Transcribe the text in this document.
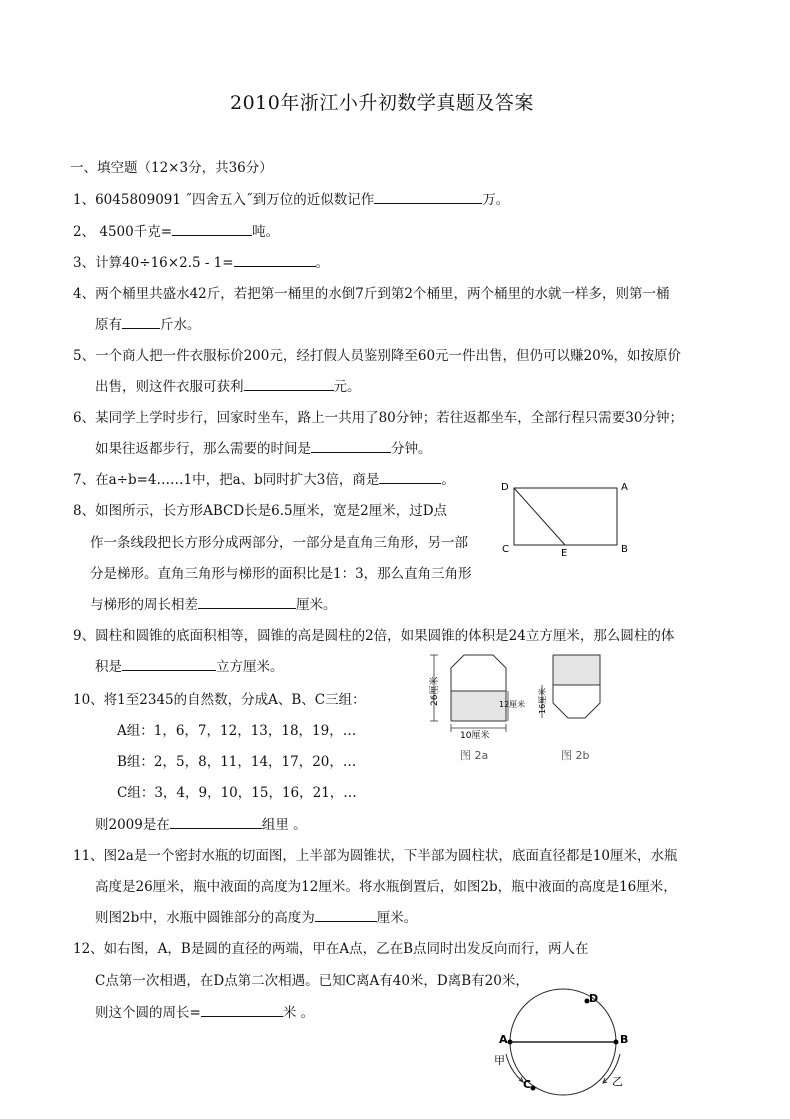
2010年浙江小升初数学真题及答案
一、填空题（12×3分，共36分）
1、6045809091 ˝四舍五入˝到万位的近似数记作	万。
2、 4500千克=	吨。
3、计算40÷16×2.5 - 1=	。
4、两个桶里共盛水42斤，若把第一桶里的水倒7斤到第2个桶里，两个桶里的水就一样多，则第一桶
原有	斤水。
5、一个商人把一件衣服标价200元，经打假人员鉴别降至60元一件出售，但仍可以赚20%，如按原价
出售，则这件衣服可获利	元。
6、某同学上学时步行，回家时坐车，路上一共用了80分钟；若往返都坐车，全部行程只需要30分钟；
如果往返都步行，那么需要的时间是	分钟。
7、在a÷b=4……1中，把a、b同时扩大3倍，商是	。
8、如图所示，长方形ABCD长是6.5厘米，宽是2厘米，过D点
作一条线段把长方形分成两部分，一部分是直角三角形，另一部
分是梯形。直角三角形与梯形的面积比是1：3，那么直角三角形
与梯形的周长相差	厘米。
D	A
C	E	B
9、圆柱和圆锥的底面积相等，圆锥的高是圆柱的2倍，如果圆锥的体积是24立方厘米，那么圆柱的体
积是	立方厘米。
10、将1至2345的自然数，分成A、B、C三组：
A组：1，6，7，12，13，18，19，…
B组：2，5，8，11，14，17，20，…
C组：3，4，9，10，15，16，21，…
则2009是在	组里 。
26厘米	12厘米
10厘米
图 2a
16厘米
图 2b
11、图2a是一个密封水瓶的切面图，上半部为圆锥状，下半部为圆柱状，底面直径都是10厘米，水瓶
高度是26厘米，瓶中液面的高度为12厘米。将水瓶倒置后，如图2b，瓶中液面的高度是16厘米，
则图2b中，水瓶中圆锥部分的高度为	厘米。
12、如右图，A，B是圆的直径的两端，甲在A点，乙在B点同时出发反向而行，两人在
C点第一次相遇，在D点第二次相遇。已知C离A有40米，D离B有20米，
则这个圆的周长=	米 。
A	B
D
C
甲
乙
